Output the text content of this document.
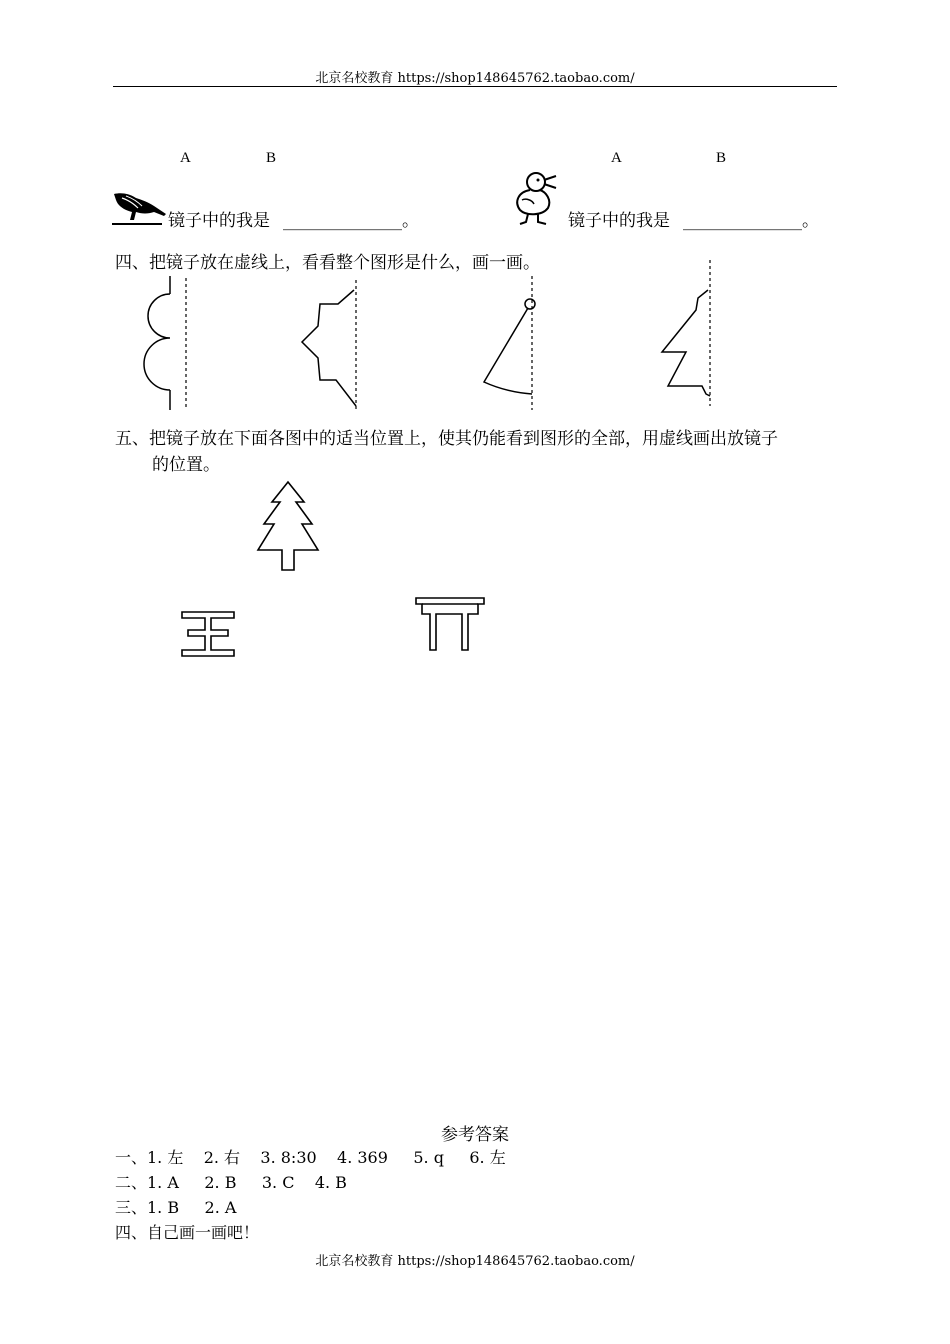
北京名校教育 https://shop148645762.taobao.com/
A	B	A	B
镜子中的我是 ______________。	镜子中的我是 ______________。
四、把镜子放在虚线上，看看整个图形是什么，画一画。
五、把镜子放在下面各图中的适当位置上，使其仍能看到图形的全部，用虚线画出放镜子
的位置。
参考答案
一、1. 左    2. 右    3. 8:30    4. 369     5. q     6. 左
二、1. A     2. B     3. C    4. B
三、1. B     2. A
四、自己画一画吧！
北京名校教育 https://shop148645762.taobao.com/
